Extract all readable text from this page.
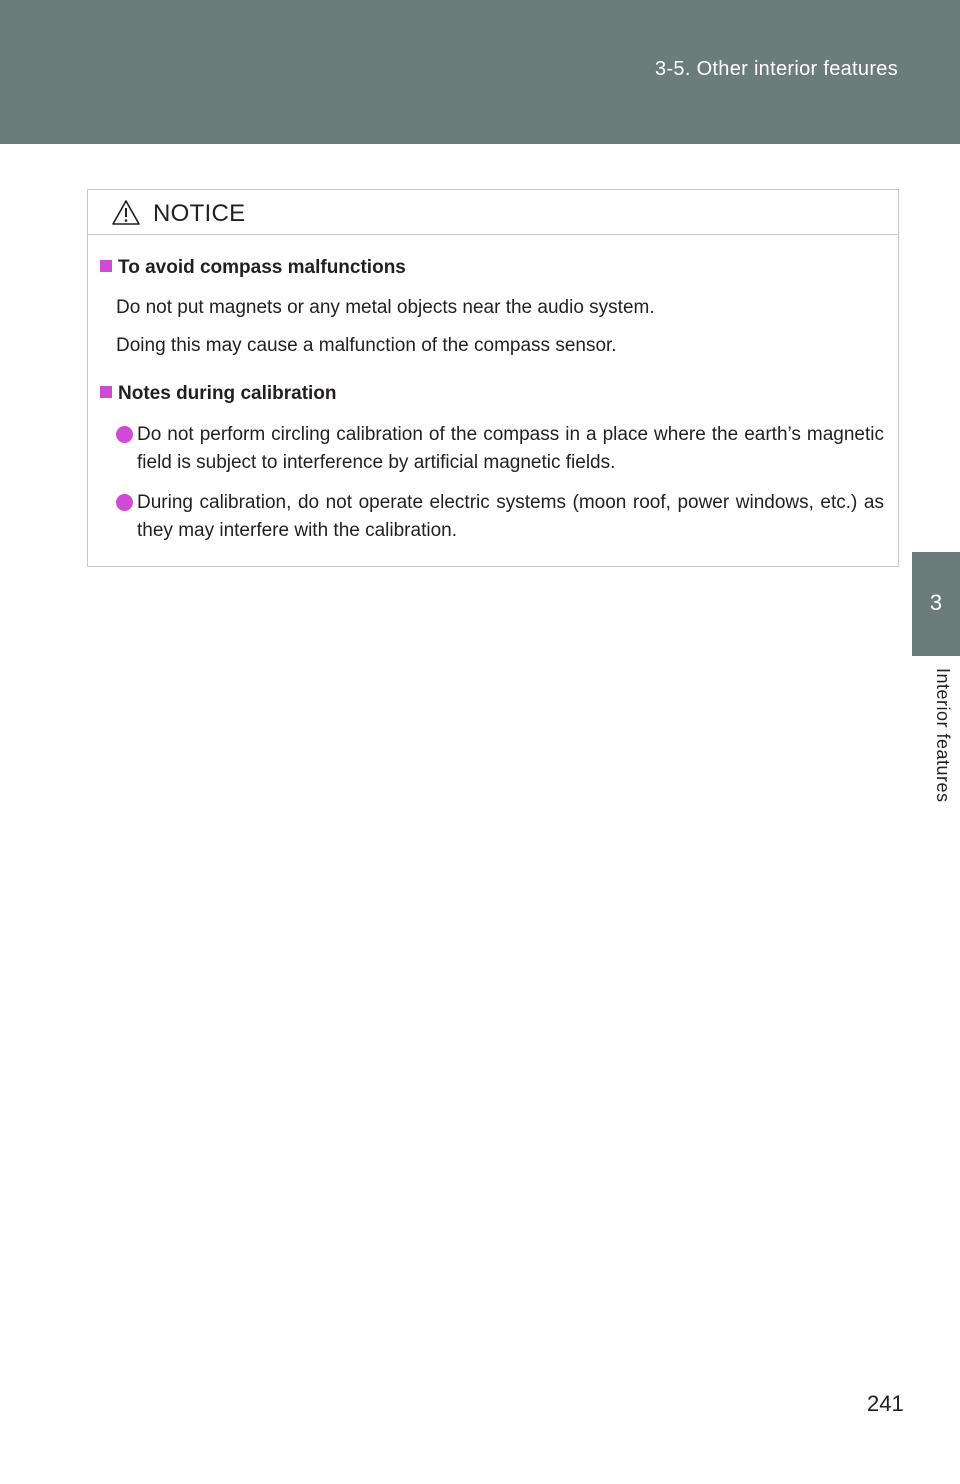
3-5. Other interior features
3
Interior features
NOTICE
To avoid compass malfunctions
Do not put magnets or any metal objects near the audio system.
Doing this may cause a malfunction of the compass sensor.
Notes during calibration
Do not perform circling calibration of the compass in a place where the earth’s magnetic field is subject to interference by artificial magnetic fields.
During calibration, do not operate electric systems (moon roof, power windows, etc.) as they may interfere with the calibration.
241
